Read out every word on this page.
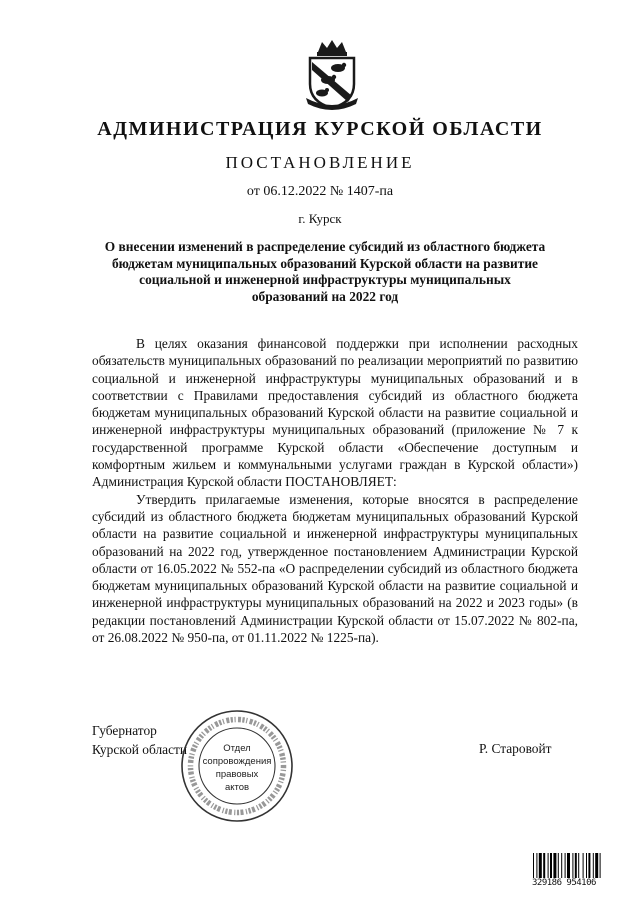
АДМИНИСТРАЦИЯ КУРСКОЙ ОБЛАСТИ
ПОСТАНОВЛЕНИЕ
от 06.12.2022 № 1407-па
г. Курск
О внесении изменений в распределение субсидий из областного бюджета
бюджетам муниципальных образований Курской области на развитие
социальной и инженерной инфраструктуры муниципальных
образований на 2022 год

В целях оказания финансовой поддержки при исполнении расходных обязательств муниципальных образований по реализации мероприятий по развитию социальной и инженерной инфраструктуры муниципальных образований и в соответствии с Правилами предоставления субсидий из областного бюджета бюджетам муниципальных образований Курской области на развитие социальной и инженерной инфраструктуры муниципальных образований (приложение № 7 к государственной программе Курской области «Обеспечение доступным и комфортным жильем и коммунальными услугами граждан в Курской области») Администрация Курской области ПОСТАНОВЛЯЕТ:

Утвердить прилагаемые изменения, которые вносятся в распределение субсидий из областного бюджета бюджетам муниципальных образований Курской области на развитие социальной и инженерной инфраструктуры муниципальных образований на 2022 год, утвержденное постановлением Администрации Курской области от 16.05.2022 № 552-па «О распределении субсидий из областного бюджета бюджетам муниципальных образований Курской области на развитие социальной и инженерной инфраструктуры муниципальных образований на 2022 и 2023 годы» (в редакции постановлений Администрации Курской области от 15.07.2022 № 802-па, от 26.08.2022 № 950-па, от 01.11.2022 № 1225-па).

Губернатор
Курской области	Р. Старовойт
Отдел
сопровождения
правовых
актов
329186 954106
